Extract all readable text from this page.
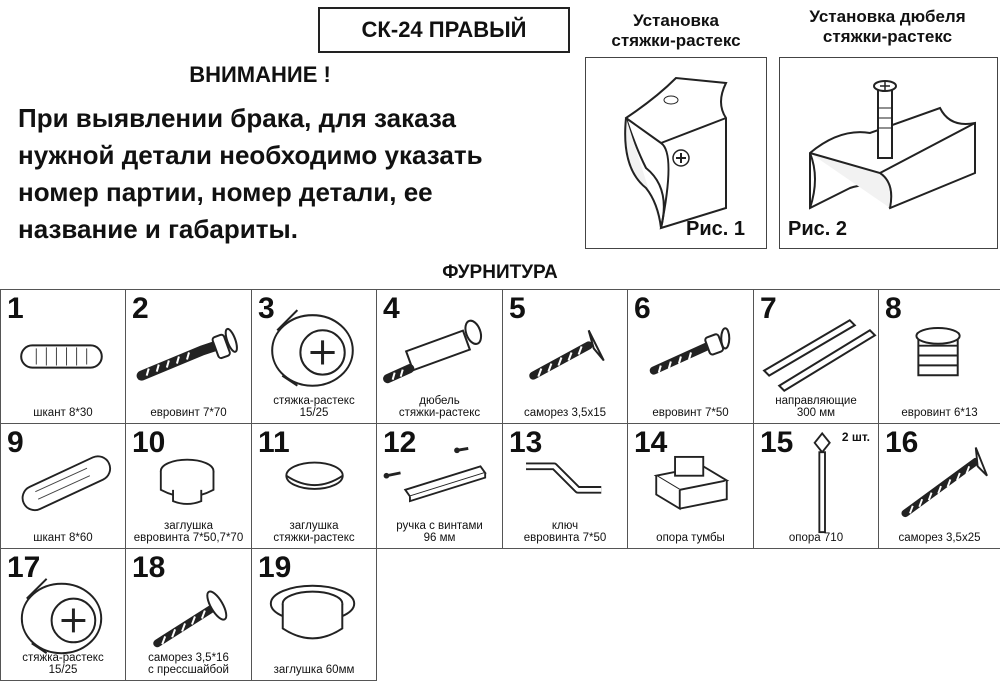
СК-24 ПРАВЫЙ
ВНИМАНИЕ !
При выявлении брака, для заказа
нужной детали необходимо указать
номер партии, номер детали, ее
название и габариты.
Установка
стяжки-растекс
Рис. 1
Установка дюбеля
стяжки-растекс
Рис. 2
ФУРНИТУРА
1
шкант 8*30
2
евровинт 7*70
3
стяжка-растекс
15/25
4
дюбель
стяжки-растекс
5
саморез 3,5х15
6
евровинт 7*50
7
направляющие
300 мм
8
евровинт 6*13
9
шкант 8*60
10
заглушка
евровинта 7*50,7*70
11
заглушка
стяжки-растекс
12
ручка с винтами
96 мм
13
ключ
евровинта 7*50
14
опора тумбы
15	2 шт.
опора 710
16
саморез 3,5х25
17
стяжка-растекс
15/25
18
саморез 3,5*16
с прессшайбой
19
заглушка 60мм
